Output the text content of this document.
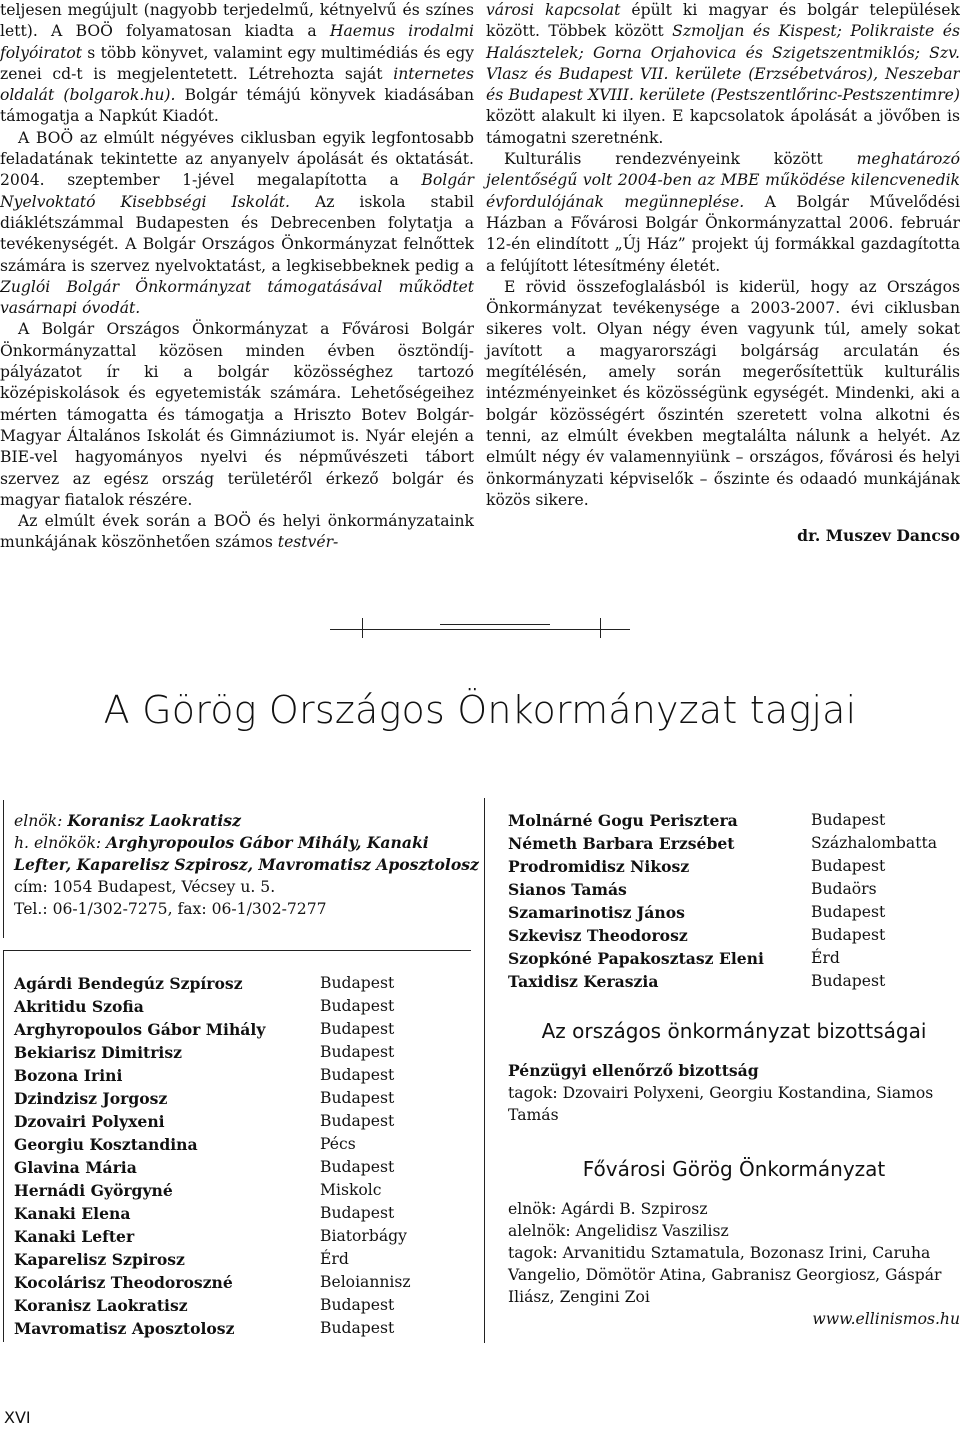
teljesen megújult (nagyobb terjedelmű, kétnyelvű és színes lett). A BOÖ folyamatosan kiadta a Haemus irodalmi folyóiratot s több könyvet, valamint egy multimédiás és egy zenei cd-t is megjelentetett. Létrehozta saját internetes oldalát (bolgarok.hu). Bolgár témájú könyvek kiadásában támogatja a Napkút Kiadót.

A BOÖ az elmúlt négyéves ciklusban egyik legfontosabb feladatának tekintette az anyanyelv ápolását és oktatását. 2004. szeptember 1-jével megalapította a Bolgár Nyelvoktató Kisebbségi Iskolát. Az iskola stabil diáklétszámmal Budapesten és Debrecenben folytatja a tevékenységét. A Bolgár Országos Önkormányzat felnőttek számára is szervez nyelvoktatást, a legkisebbeknek pedig a Zuglói Bolgár Önkormányzat támogatásával működtet vasárnapi óvodát.

A Bolgár Országos Önkormányzat a Fővárosi Bolgár Önkormányzattal közösen minden évben ösztöndíj-pályázatot ír ki a bolgár közösséghez tartozó középiskolások és egyetemisták számára. Lehetőségeihez mérten támogatta és támogatja a Hriszto Botev Bolgár-Magyar Általános Iskolát és Gimnáziumot is. Nyár elején a BIE-vel hagyományos nyelvi és népművészeti tábort szervez az egész ország területéről érkező bolgár és magyar fiatalok részére.

Az elmúlt évek során a BOÖ és helyi önkormányzataink munkájának köszönhetően számos testvér-

városi kapcsolat épült ki magyar és bolgár települések között. Többek között Szmoljan és Kispest; Polikraiste és Halásztelek; Gorna Orjahovica és Szigetszentmiklós; Szv. Vlasz és Budapest VII. kerülete (Erzsébetváros), Neszebar és Budapest XVIII. kerülete (Pestszentlőrinc-Pestszentimre) között alakult ki ilyen. E kapcsolatok ápolását a jövőben is támogatni szeretnénk.

Kulturális rendezvényeink között meghatározó jelentőségű volt 2004-ben az MBE működése kilencvenedik évfordulójának megünneplése. A Bolgár Művelődési Házban a Fővárosi Bolgár Önkormányzattal 2006. február 12-én elindított „Új Ház” projekt új formákkal gazdagította a felújított létesítmény életét.

E rövid összefoglalásból is kiderül, hogy az Országos Önkormányzat tevékenysége a 2003-2007. évi ciklusban sikeres volt. Olyan négy éven vagyunk túl, amely sokat javított a magyarországi bolgárság arculatán és megítélésén, amely során megerősítettük kulturális intézményeinket és közösségünk egységét. Mindenki, aki a bolgár közösségért őszintén szeretett volna alkotni és tenni, az elmúlt években megtalálta nálunk a helyét. Az elmúlt négy év valamennyiünk – országos, fővárosi és helyi önkormányzati képviselők – őszinte és odaadó munkájának közös sikere.

dr. Muszev Dancso
A Görög Országos Önkormányzat tagjai
elnök: Koranisz Laokratisz
h. elnökök: Arghyropoulos Gábor Mihály, Kanaki Lefter, Kaparelisz Szpirosz, Mavromatisz Aposztolosz
cím: 1054 Budapest, Vécsey u. 5.
Tel.: 06-1/302-7275, fax: 06-1/302-7277
Agárdi Bendegúz Szpírosz	Budapest
Akritidu Szofia	Budapest
Arghyropoulos Gábor Mihály	Budapest
Bekiarisz Dimitrisz	Budapest
Bozona Irini	Budapest
Dzindzisz Jorgosz	Budapest
Dzovairi Polyxeni	Budapest
Georgiu Kosztandina	Pécs
Glavina Mária	Budapest
Hernádi Györgyné	Miskolc
Kanaki Elena	Budapest
Kanaki Lefter	Biatorbágy
Kaparelisz Szpirosz	Érd
Kocolárisz Theodoroszné	Beloiannisz
Koranisz Laokratisz	Budapest
Mavromatisz Aposztolosz	Budapest
Molnárné Gogu Perisztera	Budapest
Németh Barbara Erzsébet	Százhalombatta
Prodromidisz Nikosz	Budapest
Sianos Tamás	Budaörs
Szamarinotisz János	Budapest
Szkevisz Theodorosz	Budapest
Szopkóné Papakosztasz Eleni	Érd
Taxidisz Keraszia	Budapest
Az országos önkormányzat bizottságai
Pénzügyi ellenőrző bizottság
tagok: Dzovairi Polyxeni, Georgiu Kostandina, Siamos Tamás
Fővárosi Görög Önkormányzat
elnök: Agárdi B. Szpirosz
alelnök: Angelidisz Vaszilisz
tagok: Arvanitidu Sztamatula, Bozonasz Irini, Caruha Vangelio, Dömötör Atina, Gabranisz Georgiosz, Gáspár Iliász, Zengini Zoi
www.ellinismos.hu
XVI
